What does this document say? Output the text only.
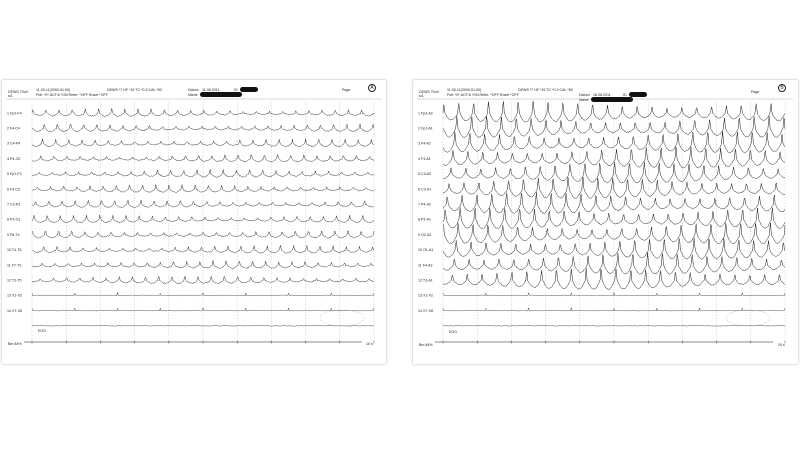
1 Fp2-F4
2 F4-C4
3 C4-P4
4 P4-O2
5 Fp1-F3
6 F3-C3
7 C3-P3
8 P3-O1
9 F8-T4
10 T4-T6
11 F7-T3
12 T3-T5
13 X1-X2
14 X7-X8
DEWS 70uV
s/1
11.00-11(0000-01:00)
Poll: *0* ACF:6 *ON Refer: *OFF Roset *OFF
DEWS *7 HF *15 TC *0.3 CAL *50	Datum 11.08.2011	ID
Name
Page	A
EOG
Bm 84%	10 s
1 Fp2-A2
2 Fp1-A1
3 F4-A2
4 F3-A1
5 C4-A2
6 C3-A1
7 P4-A2
8 P3-A1
9 O2-A2
10 O1-A1
11 F4-A2
12 T3-A1
13 X1-X2
14 X7-X8
DEWS 70uV
s/1
11.00-11(0000-01:00)
Poll: *0* ACF:6 *ON Refer: *OFF Roset *OFF
DEWS *7 HF *15 TC *0.3 CAL *50
Datum 16.08.2011	ID
Name
Page
B
EOG
Bm 84%	10 s
